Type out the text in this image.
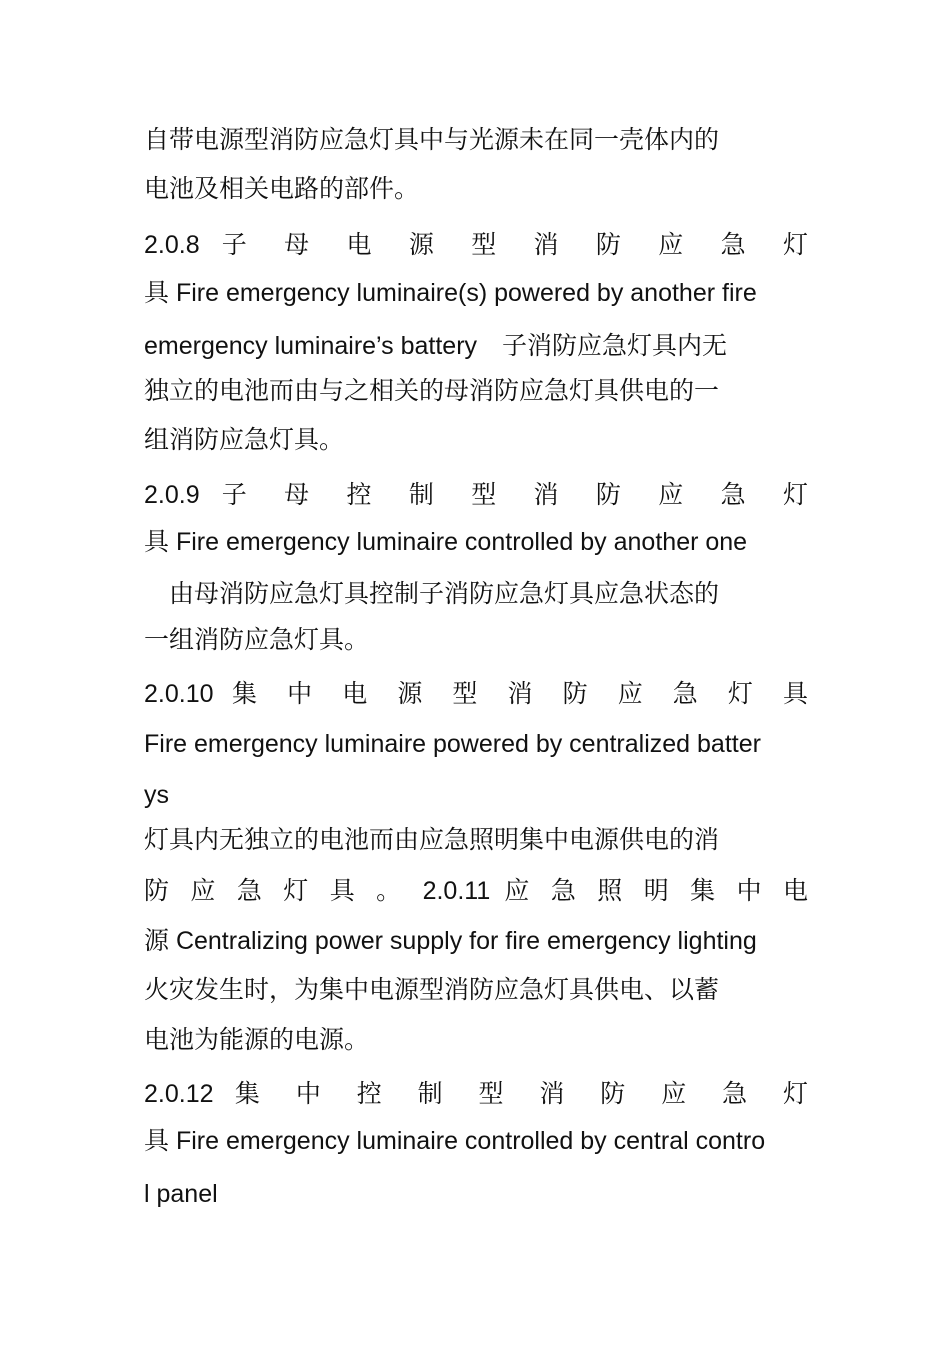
自带电源型消防应急灯具中与光源未在同一壳体内的
电池及相关电路的部件。
2.0.8 子 母 电 源 型 消 防 应 急 灯
具 Fire emergency luminaire(s) powered by another fire
emergency luminaire’s battery　子消防应急灯具内无
独立的电池而由与之相关的母消防应急灯具供电的一
组消防应急灯具。
2.0.9 子 母 控 制 型 消 防 应 急 灯
具 Fire emergency luminaire controlled by another one
　由母消防应急灯具控制子消防应急灯具应急状态的
一组消防应急灯具。
2.0.10 集 中 电 源 型 消 防 应 急 灯 具
Fire emergency luminaire powered by centralized batter
ys
灯具内无独立的电池而由应急照明集中电源供电的消
防 应 急 灯 具 。 2.0.11 应 急 照 明 集 中 电
源 Centralizing power supply for fire emergency lighting
火灾发生时，为集中电源型消防应急灯具供电、以蓄
电池为能源的电源。
2.0.12 集 中 控 制 型 消 防 应 急 灯
具 Fire emergency luminaire controlled by central contro
l panel
